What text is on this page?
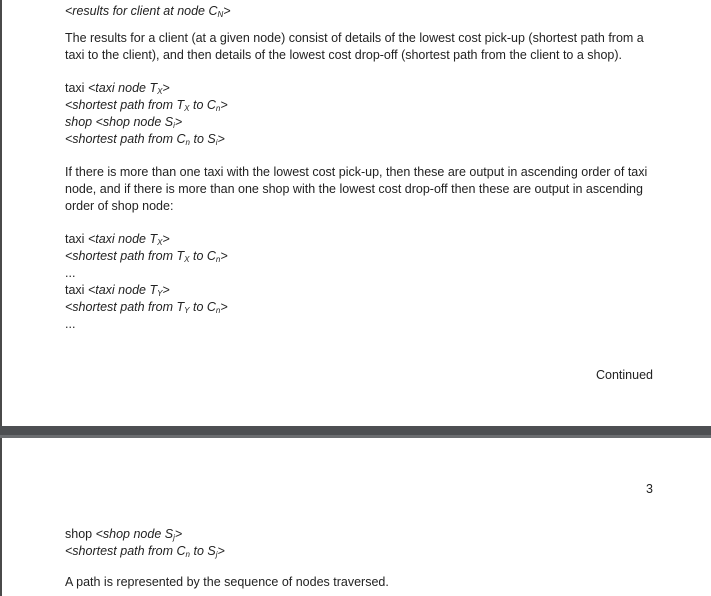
<results for client at node $C_N>$
The results for a client (at a given node) consist of details of the lowest cost pick-up (shortest path from a
taxi to the client), and then details of the lowest cost drop-off (shortest path from the client to a shop).
taxi <taxi node $T_X>$
<shortest path from $T_X$ to $C_n>$
shop <shop node $S_i>$
<shortest path from $C_n$ to $S_i>$
If there is more than one taxi with the lowest cost pick-up, then these are output in ascending order of taxi
node, and if there is more than one shop with the lowest cost drop-off then these are output in ascending
order of shop node:
taxi <taxi node $T_X>$
<shortest path from $T_X$ to $C_n>$
...
taxi <taxi node $T_Y>$
<shortest path from $T_Y$ to $C_n>$
...
Continued
3
shop <shop node $S_j>$
<shortest path from $C_n$ to $S_j>$
A path is represented by the sequence of nodes traversed.
